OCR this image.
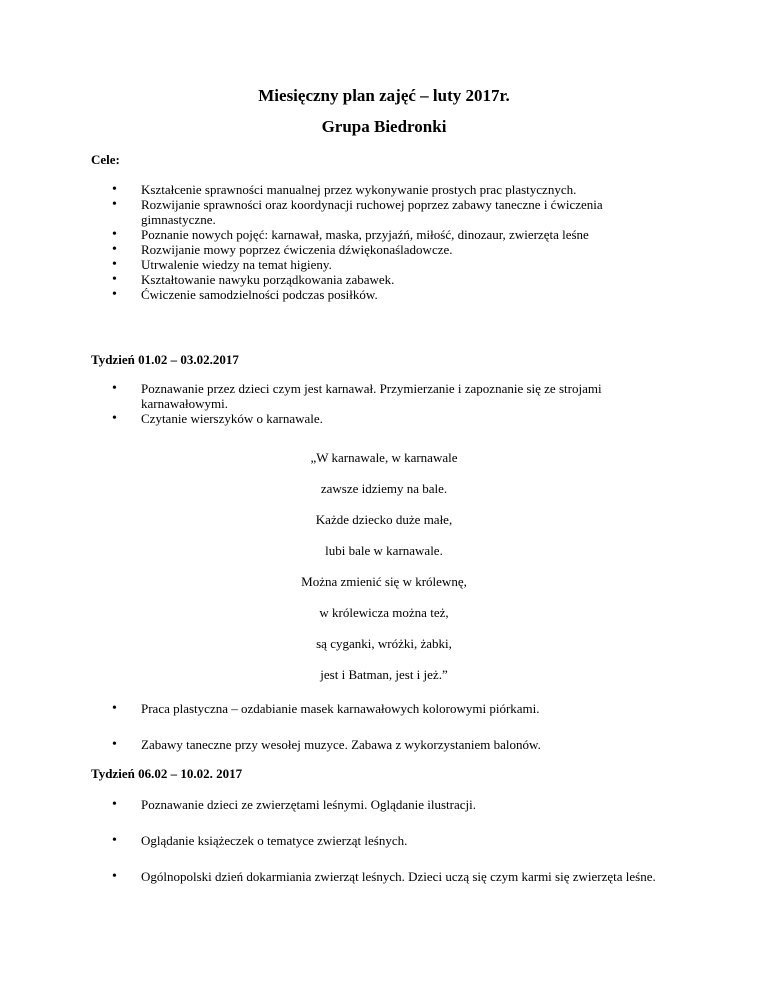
Miesięczny plan zajęć – luty 2017r.
Grupa Biedronki
Cele:
• Kształcenie sprawności manualnej przez wykonywanie prostych prac plastycznych.
• Rozwijanie sprawności oraz koordynacji ruchowej poprzez zabawy taneczne i ćwiczenia gimnastyczne.
• Poznanie nowych pojęć: karnawał, maska, przyjaźń, miłość, dinozaur, zwierzęta leśne
• Rozwijanie mowy poprzez ćwiczenia dźwiękonaśladowcze.
• Utrwalenie wiedzy na temat higieny.
• Kształtowanie nawyku porządkowania zabawek.
• Ćwiczenie samodzielności podczas posiłków.
Tydzień 01.02 – 03.02.2017
• Poznawanie przez dzieci czym jest karnawał. Przymierzanie i zapoznanie się ze strojami karnawałowymi.
• Czytanie wierszyków o karnawale.
„W karnawale, w karnawale
zawsze idziemy na bale.
Każde dziecko duże małe,
lubi bale w karnawale.
Można zmienić się w królewnę,
w królewicza można też,
są cyganki, wróżki, żabki,
jest i Batman, jest i jeż.”
• Praca plastyczna – ozdabianie masek karnawałowych kolorowymi piórkami.
• Zabawy taneczne przy wesołej muzyce. Zabawa z wykorzystaniem balonów.
Tydzień 06.02 – 10.02. 2017
• Poznawanie dzieci ze zwierzętami leśnymi. Oglądanie ilustracji.
• Oglądanie książeczek o tematyce zwierząt leśnych.
• Ogólnopolski dzień dokarmiania zwierząt leśnych. Dzieci uczą się czym karmi się zwierzęta leśne.
